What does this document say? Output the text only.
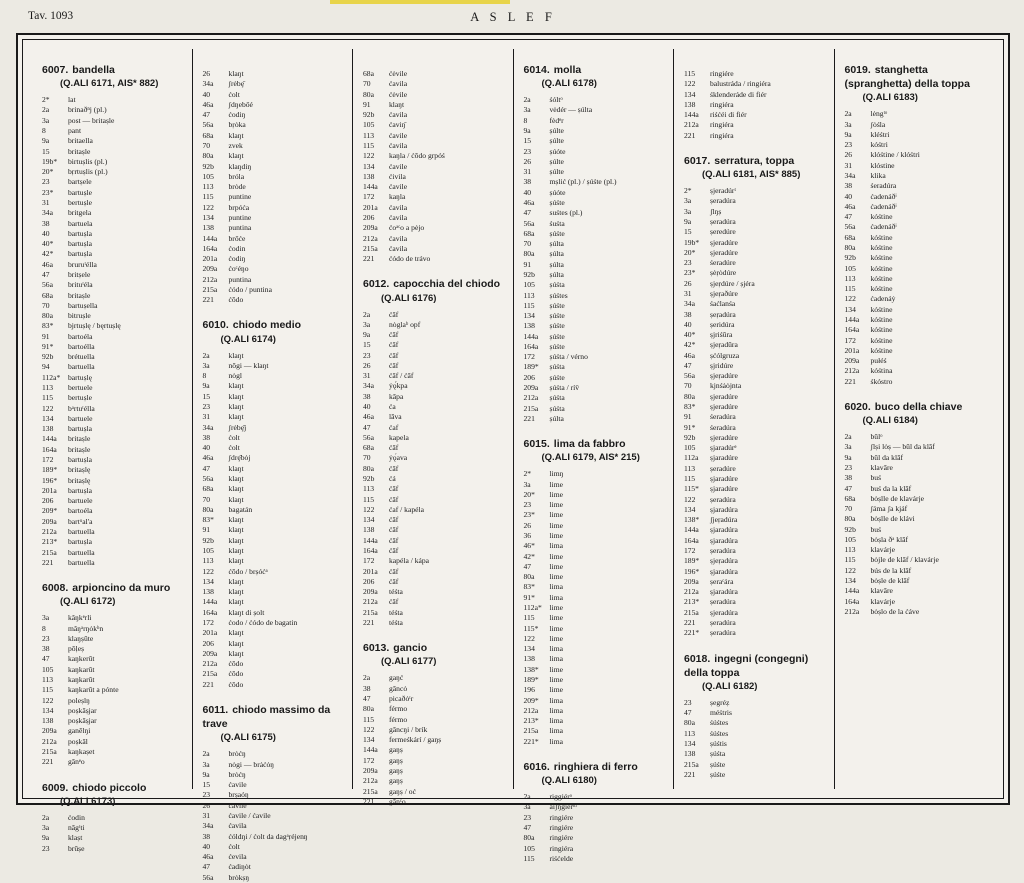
Tav. 1093	A S L E F
6007. bandella
(Q.ALI 6171, AIS* 882)
2*	lat
2a	brinaðⁿj (pl.)
3a	post — britaṣle
8	pant
9a	britaella
15	britaṣle
19b*	birtuṣlis (pl.)
20*	bṛrtuṣlis (pl.)
23	bartṣele
23*	bartuṣle
31	bertuṣle
34a	britgela
38	bartuela
40	bartuṣla
40*	bartuṣla
42*	bartuṣla
46a	bruruᵗélla
47	britṣele
56a	brituᵗéla
68a	britaṣle
70	bartuṣella
80a	bitruṣle
83*	bjrtuṣlę / bęrtuṣlę
91	bartoéla
91*	bartoélla
92b	brétuella
94	bartuella
112a*	bartuṣlę
113	bertuele
115	bertuṣle
122	bᵃrtuᵗélla
134	bartuele
138	bartuṣla
144a	britaṣle
164a	britaṣle
172	bartuṣla
189*	britaṣlę
196*	britaṣlę
201a	bartuṣla
206	bartuele
209*	bartoéla
209a	bartᵘal'a
212a	bartuella
213*	bartuṣla
215a	bartuella
221	bartuella
6008. arpioncino da muro
(Q.ALI 6172)
3a	kâŋkᵉrli
8	mâŋᵃrŋȯkʰn
23	klaŋṣūte
38	pōḷeṣ
47	kaŋkerūt
105	kaŋkarūt
113	kaŋkarūt
115	kaŋkarūt a pónte
122	poleṣlŋ
134	poṣkāṣjar
138	poṣkāṣjar
209a	ganēlŋi
212a	poṣkāl
215a	kaŋkaṣet
221	gānᵉo
6009. chiodo piccolo
(Q.ALI 6173)
2a	ćodin
3a	nāgᵗti
9a	klaṣt
23	brūṣe
26	klaŋt
34a	ʃrėbȩ̄
40	ćolt
46a	ʃdŋebőé
47	ćodiŋ
56a	bṛȯka
68a	klaŋt
70	zvek
80a	klaŋt
92b	klaŋdiŋ
105	bróla
113	brȯde
115	puntine
122	brpóća
134	puntine
138	puntina
144a	brőće
164a	ćodin
201a	ćodiŋ
209a	ćoᶜéŋo
212a	puntina
215a	ćódo / puntina
221	ćōdo
6010. chiodo medio
(Q.ALI 6174)
2a	klaŋt
3a	nōgi — klaŋt
8	nȯgl
9a	klaŋt
15	klaŋt
23	klaŋt
31	klaŋt
34a	ʃrėbȩ̄j
38	ćolt
40	ćolt
46a	ʃdrȩ̄bȯj
47	klaŋt
56a	klaŋt
68a	klaŋt
70	klaŋt
80a	bagatán
83*	klaŋt
91	klaŋt
92b	klaŋt
105	klaŋt
113	klaŋt
122	ćōdo / brṣóćᵃ
134	klaŋt
138	klaŋt
144a	klaŋt
164a	klaŋt di ṣolt
172	ćodo / ćódo de bagatin
201a	klaŋt
206	klaŋt
209a	klaŋt
212a	ćōdo
215a	ćōdo
221	ćōdo
6011. chiodo massimo da trave
(Q.ALI 6175)
2a	brȯćŋ
3a	nȯgi — brȧćȯŋ
9a	brȯćŋ
15	ćavile
23	brṣaóŋ
26	ćavile
31	ćavile / ćavile
34a	ćavila
38	ćóldŋi / ćolt da dagᵃṛéjenŋ
40	ćolt
46a	ćevila
47	ćadiŋȯt
56a	brȯkṣŋ
68a	ćėvile
70	ćavila
80a	ćėvile
91	klaŋt
92b	ćavila
105	ćaviŋ̄
113	ćavile
115	ćavila
122	kaŋla / ćōdo grpóś
134	ćavile
138	ćivila
144a	ćavile
172	kaŋla
201a	ćavila
206	ćavila
209a	ćoᵃᶜo a pėjo
212a	ćavila
215a	ćavila
221	ćódo de trávo
6012. capocchia del chiodo
(Q.ALI 6176)
2a	ćāf
3a	nȯglaᵇ opf
9a	ćāf
15	ćāf
23	ćāf
26	ćāf
31	ćāf / ćāf
34a	ẏǫ́́kpa
38	kāpa
40	ća
46a	lāva
47	ćaf
56a	kapela
68a	ćāf
70	ẏǫ́ava
80a	ćāf
92b	ćá
113	ćāf
115	ćāf
122	ćaf / kapéla
134	ćāf
138	ćāf
144a	ćāf
164a	ćāf
172	kapéla / kápa
201a	ćāf
206	ćāf
209a	téśta
212a	ćāf
215a	téśta
221	téśta
6013. gancio
(Q.ALI 6177)
2a	gaŋć
38	gāncȯ
47	picaðȯᵗr
80a	férmo
115	férmo
122	gāncŋi / brík
134	fermeśkárí / gaŋṣ
144a	gaŋṣ
172	gaŋṣ
209a	gaŋṣ
212a	gaŋṣ
215a	gaŋṣ / oć
221	gānᶜo
6014. molla
(Q.ALI 6178)
2a	śóltᵒ
3a	vėdér — ṣúlta
8	fėdᵉr
9a	ṣúlte
15	ṣúlte
23	ṣúóte
26	ṣúlte
31	ṣúlte
38	mṣlić (pl.) / ṣúśte (pl.)
40	ṣúóte
46a	ṣúśte
47	suśtes (pl.)
56a	śuśta
68a	ṣúśte
70	ṣúlta
80a	ṣúlta
91	ṣúlta
92b	ṣúlta
105	ṣúśta
113	ṣúśtes
115	ṣúśte
134	ṣúśte
138	ṣúśte
144a	ṣúśte
164a	ṣúśte
172	ṣúśta / vérno
189*	ṣúśta
206	ṣúśte
209a	ṣúśta / rív̄
212a	ṣúśta
215a	ṣúśta
221	ṣúlta
6015. lima da fabbro
(Q.ALI 6179, AIS* 215)
2*	limŋ
3a	lime
20*	lime
23	lime
23*	lime
26	lime
36	lime
46*	lima
42*	lime
47	lime
80a	lime
83*	lima
91*	lima
112a*	lime
115	lime
115*	lime
122	lime
134	lima
138	lima
138*	lime
189*	lime
196	lime
209*	lima
212a	lima
213*	lima
215a	lima
221*	lima
6016. ringhiera di ferro
(Q.ALI 6180)
2a	riggiérᵒ
3a	áiʃŋgierᵏʳ
23	ringiére
47	ringiére
80a	ringiére
105	ringiéra
115	riśćelde
115	ringiére
122	balustráda / ringiéra
134	śklenderáde di fiér
138	ringiéra
144a	riśćéi di fiér
212a	ringiéra
221	ringiéra
6017. serratura, toppa
(Q.ALI 6181, AIS* 885)
2*	ṣjeradúrᵗ
3a	ṣeradúra
3a	ʃlŋṣ
9a	ṣeradúra
15	ṣeredúre
19b*	ṣjeradúre
20*	ṣjeradúre
23	śeradúre
23*	ṣėṛȯdúre
26	ṣjeṛdúre / ṣjéra
31	ṣjeṛaðúre
34a	śaćlanśa
38	ṣeṛadúra
40	ṣeridúra
40*	ṣjriśūra
42*	ṣjeṛadūra
46a	ṣćólgruza
47	ṣjridúre
56a	ṣjeṛadúre
70	kjnśȧȯjnta
80a	ṣjeradúre
83*	ṣjeradúre
91	śeradúra
91*	śeradúra
92b	ṣjeradúre
105	ṣjaradúrᵉ
112a	ṣjaradúre
113	ṣeradúre
115	ṣjaradúre
115*	ṣjaradúre
122	ṣeradúra
134	ṣjaradúra
138*	ʃjeṛadúra
144a	ṣjaradúra
164a	ṣjaradúra
172	ṣeradúra
189*	ṣjeṛadúra
196*	ṣjaradúra
209a	ṣeraᶜára
212a	ṣjaradúra
213*	ṣeradúra
215a	ṣjeradúra
221	ṣeradúra
221*	ṣeradúra
6018. ingegni (congegni) della toppa
(Q.ALI 6182)
23	ṣegréẓ
47	méśtris
80a	śúśtes
113	śúśtes
134	ṣúśtis
138	ṣúśta
215a	ṣúśte
221	ṣúśte
6019. stanghetta (spranghetta) della toppa
(Q.ALI 6183)
2a	lėngᵗᵒ
3a	ʃȯśla
9a	kléśtri
23	kóśtri
26	klóśtine / klóśtri
31	klóstine
34a	klika
38	śeradúra
40	ćadenáðⁱ
46a	ćadenáðⁱ
47	kóśtine
56a	ćadenáðⁱ
68a	kóśtine
80a	kóśtine
92b	kóśtine
105	kóśtine
113	kóśtine
115	kóśtine
122	ćadenáẏ
134	kóśtine
144a	kóśtine
164a	kóśtine
172	kóśtine
201a	kóśtine
209a	pułéś
212a	kóśtina
221	śkóstro
6020. buco della chiave
(Q.ALI 6184)
2a	būlᵒ
3a	ʃlṣi lȯṣ — būl da klāf
9a	būl da klāf
23	klavāre
38	buś
47	buś da la klāf
68a	bȯṣlle de klavárje
70	ʃáma ʃa kjáf
80a	bȯṣlle de klávi
92b	buś
105	bȯṣla ðᵃ klāf
113	klavárje
115	bȯjle de klāf / klavárje
122	bús de la klāf
134	bȯṣle de klāf
144a	klavāre
164a	klavárje
212a	bȯṣlo de la ćáve
